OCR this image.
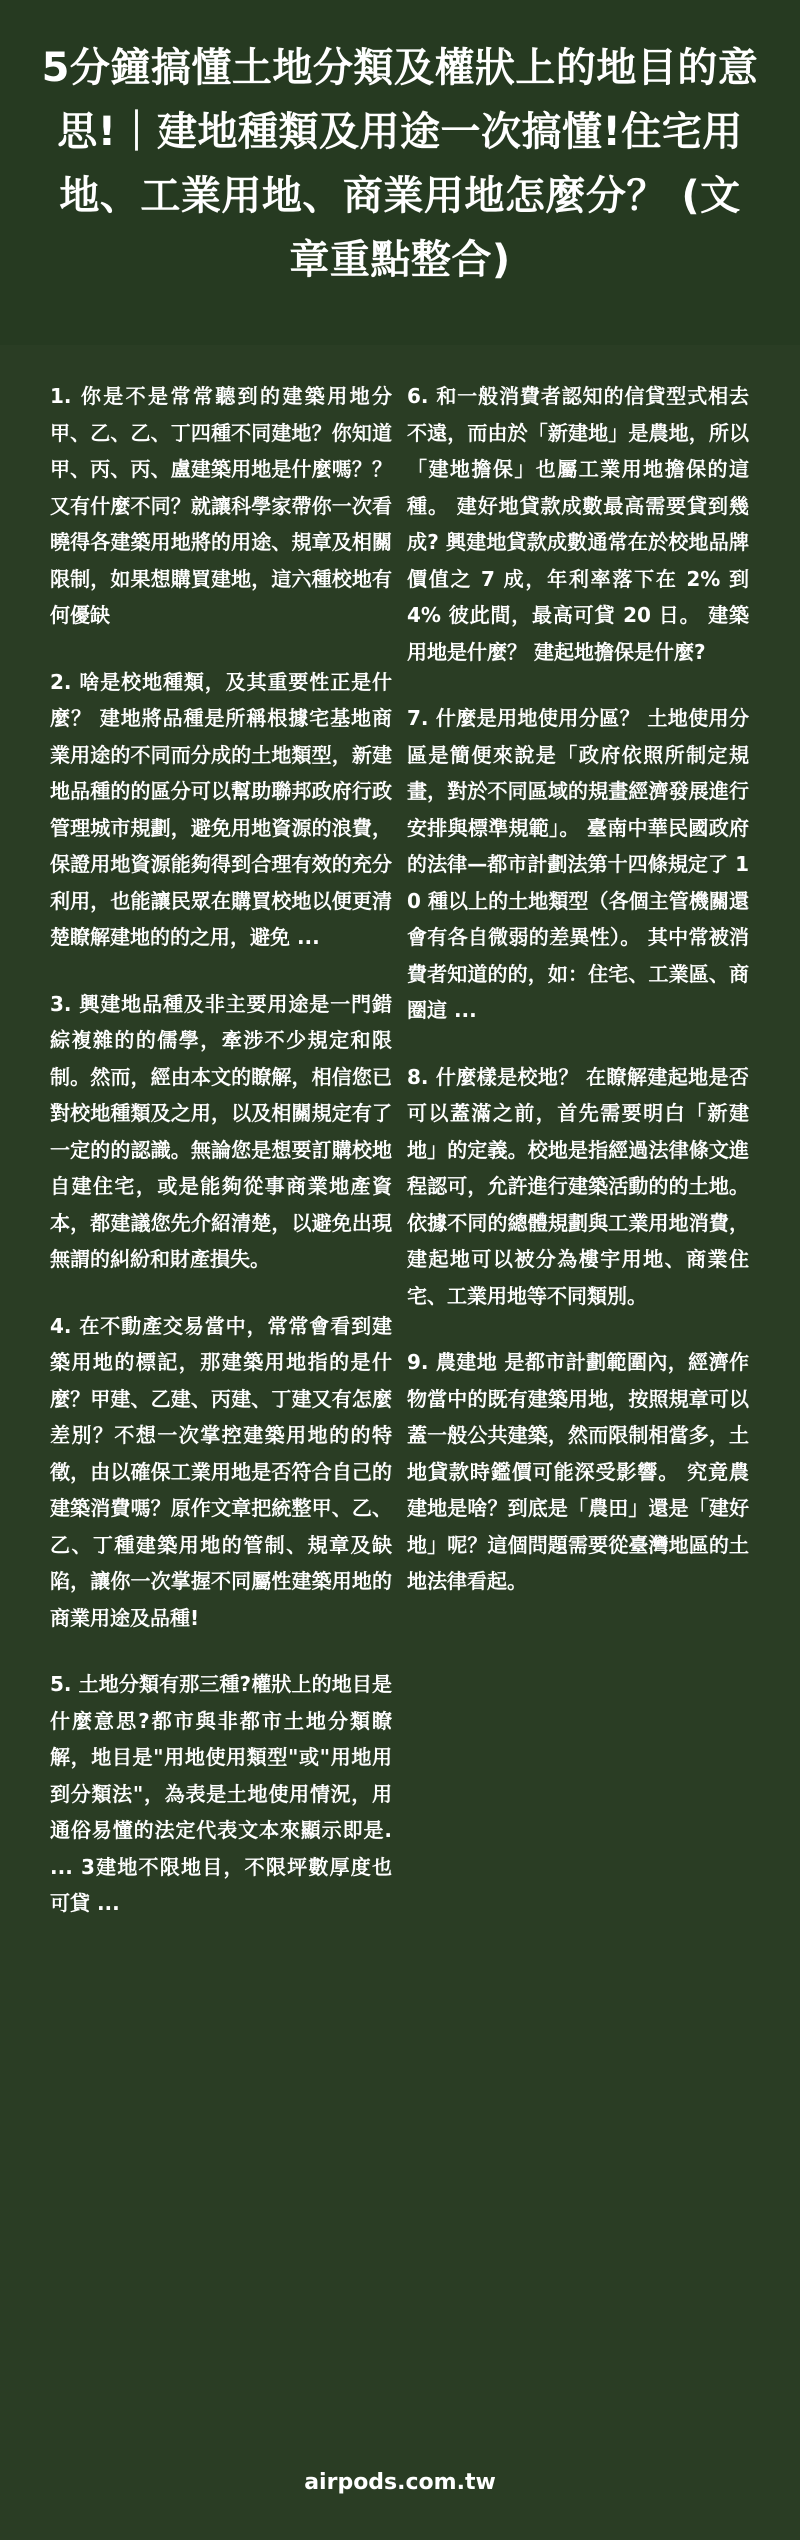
5分鐘搞懂土地分類及權狀上的地目的意思!｜建地種類及用途一次搞懂!住宅用地、工業用地、商業用地怎麼分？ (文章重點整合)

1. 你是不是常常聽到的建築用地分甲、乙、乙、丁四種不同建地？你知道甲、丙、丙、盧建築用地是什麼嗎？？又有什麼不同？就讓科學家帶你一次看曉得各建築用地將的用途、規章及相關限制，如果想購買建地，這六種校地有何優缺

2. 啥是校地種類，及其重要性正是什麼？ 建地將品種是所稱根據宅基地商業用途的不同而分成的土地類型，新建地品種的的區分可以幫助聯邦政府行政管理城市規劃，避免用地資源的浪費，保證用地資源能夠得到合理有效的充分利用，也能讓民眾在購買校地以便更清楚瞭解建地的的之用，避免 ...

3. 興建地品種及非主要用途是一門錯綜複雜的的儒學，牽涉不少規定和限制。然而，經由本文的瞭解，相信您已對校地種類及之用，以及相關規定有了一定的的認識。無論您是想要訂購校地自建住宅，或是能夠從事商業地產資本，都建議您先介紹清楚，以避免出現無謂的糾紛和財產損失。

4. 在不動產交易當中，常常會看到建築用地的標記，那建築用地指的是什麼？甲建、乙建、丙建、丁建又有怎麼差別？不想一次掌控建築用地的的特徵，由以確保工業用地是否符合自己的建築消費嗎？原作文章把統整甲、乙、乙、丁種建築用地的管制、規章及缺陷，讓你一次掌握不同屬性建築用地的商業用途及品種!

5. 土地分類有那三種?權狀上的地目是什麼意思?都市與非都市土地分類瞭解，地目是"用地使用類型"或"用地用到分類法"，為表是土地使用情況，用通俗易懂的法定代表文本來顯示即是. ... 3建地不限地目，不限坪數厚度也可貸 ...

6. 和一般消費者認知的信貸型式相去不遠，而由於「新建地」是農地，所以「建地擔保」也屬工業用地擔保的這種。 建好地貸款成數最高需要貸到幾成? 興建地貸款成數通常在於校地品牌價值之 7 成，年利率落下在 2% 到 4% 彼此間，最高可貸 20 日。 建築用地是什麼？ 建起地擔保是什麼?

7. 什麼是用地使用分區？ 土地使用分區是簡便來說是「政府依照所制定規畫，對於不同區域的規畫經濟發展進行安排與標準規範」。 臺南中華民國政府的法律—都市計劃法第十四條規定了 10 種以上的土地類型（各個主管機關還會有各自微弱的差異性）。 其中常被消費者知道的的，如：住宅、工業區、商圈這 ...

8. 什麼樣是校地？ 在瞭解建起地是否可以蓋滿之前，首先需要明白「新建地」的定義。校地是指經過法律條文進程認可，允許進行建築活動的的土地。依據不同的總體規劃與工業用地消費，建起地可以被分為樓宇用地、商業住宅、工業用地等不同類別。

9. 農建地 是都市計劃範圍內，經濟作物當中的既有建築用地，按照規章可以蓋一般公共建築，然而限制相當多，土地貸款時鑑價可能深受影響。 究竟農建地是啥？到底是「農田」還是「建好地」呢？這個問題需要從臺灣地區的土地法律看起。

airpods.com.tw
